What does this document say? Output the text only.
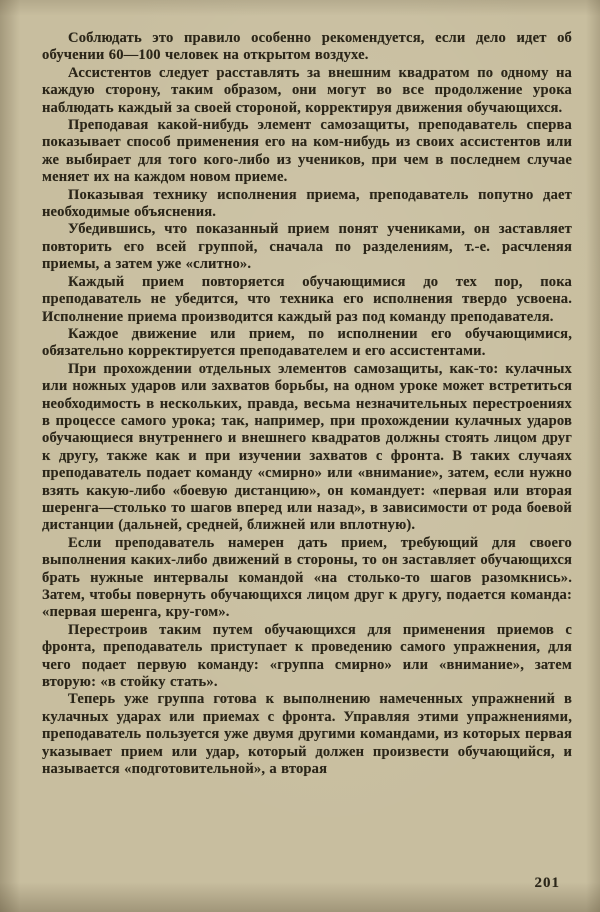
Соблюдать это правило особенно рекомендуется, если дело идет об обучении 60—100 человек на открытом воздухе.

Ассистентов следует расставлять за внешним квадратом по одному на каждую сторону, таким образом, они могут во все продолжение урока наблюдать каждый за своей стороной, корректируя движения обучающихся.

Преподавая какой-нибудь элемент самозащиты, преподаватель сперва показывает способ применения его на ком-нибудь из своих ассистентов или же выбирает для того кого-либо из учеников, при чем в последнем случае меняет их на каждом новом приеме.

Показывая технику исполнения приема, преподаватель попутно дает необходимые объяснения.

Убедившись, что показанный прием понят учениками, он заставляет повторить его всей группой, сначала по разделениям, т.-е. расчленяя приемы, а затем уже «слитно».

Каждый прием повторяется обучающимися до тех пор, пока преподаватель не убедится, что техника его исполнения твердо усвоена. Исполнение приема производится каждый раз под команду преподавателя.

Каждое движение или прием, по исполнении его обучающимися, обязательно корректируется преподавателем и его ассистентами.

При прохождении отдельных элементов самозащиты, как-то: кулачных или ножных ударов или захватов борьбы, на одном уроке может встретиться необходимость в нескольких, правда, весьма незначительных перестроениях в процессе самого урока; так, например, при прохождении кулачных ударов обучающиеся внутреннего и внешнего квадратов должны стоять лицом друг к другу, также как и при изучении захватов с фронта. В таких случаях преподаватель подает команду «смирно» или «внимание», затем, если нужно взять какую-либо «боевую дистанцию», он командует: «первая или вторая шеренга—столько то шагов вперед или назад», в зависимости от рода боевой дистанции (дальней, средней, ближней или вплотную).

Если преподаватель намерен дать прием, требующий для своего выполнения каких-либо движений в стороны, то он заставляет обучающихся брать нужные интервалы командой «на столько-то шагов разомкнись». Затем, чтобы повернуть обучающихся лицом друг к другу, подается команда: «первая шеренга, кру-гом».

Перестроив таким путем обучающихся для применения приемов с фронта, преподаватель приступает к проведению самого упражнения, для чего подает первую команду: «группа смирно» или «внимание», затем вторую: «в стойку стать».

Теперь уже группа готова к выполнению намеченных упражнений в кулачных ударах или приемах с фронта. Управляя этими упражнениями, преподаватель пользуется уже двумя другими командами, из которых первая указывает прием или удар, который должен произвести обучающийся, и называется «подготовительной», а вторая

201
